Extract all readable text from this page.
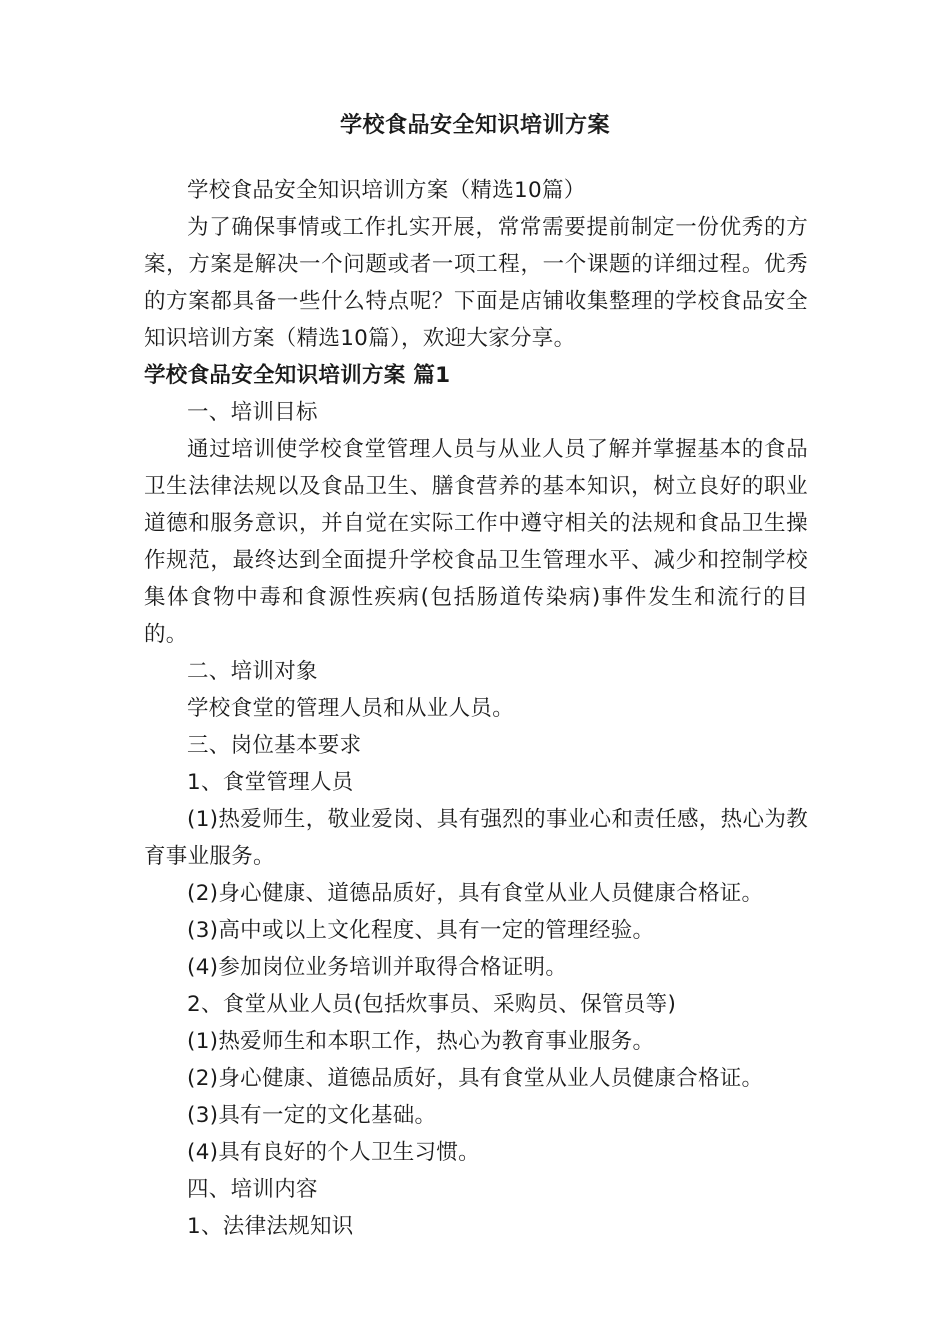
学校食品安全知识培训方案

学校食品安全知识培训方案（精选10篇）

为了确保事情或工作扎实开展，常常需要提前制定一份优秀的方案，方案是解决一个问题或者一项工程，一个课题的详细过程。优秀的方案都具备一些什么特点呢？下面是店铺收集整理的学校食品安全知识培训方案（精选10篇），欢迎大家分享。

学校食品安全知识培训方案 篇1

一、培训目标

通过培训使学校食堂管理人员与从业人员了解并掌握基本的食品卫生法律法规以及食品卫生、膳食营养的基本知识，树立良好的职业道德和服务意识，并自觉在实际工作中遵守相关的法规和食品卫生操作规范，最终达到全面提升学校食品卫生管理水平、减少和控制学校集体食物中毒和食源性疾病(包括肠道传染病)事件发生和流行的目的。

二、培训对象

学校食堂的管理人员和从业人员。

三、岗位基本要求

1、食堂管理人员

(1)热爱师生，敬业爱岗、具有强烈的事业心和责任感，热心为教育事业服务。

(2)身心健康、道德品质好，具有食堂从业人员健康合格证。

(3)高中或以上文化程度、具有一定的管理经验。

(4)参加岗位业务培训并取得合格证明。

2、食堂从业人员(包括炊事员、采购员、保管员等)

(1)热爱师生和本职工作，热心为教育事业服务。

(2)身心健康、道德品质好，具有食堂从业人员健康合格证。

(3)具有一定的文化基础。

(4)具有良好的个人卫生习惯。

四、培训内容

1、法律法规知识
